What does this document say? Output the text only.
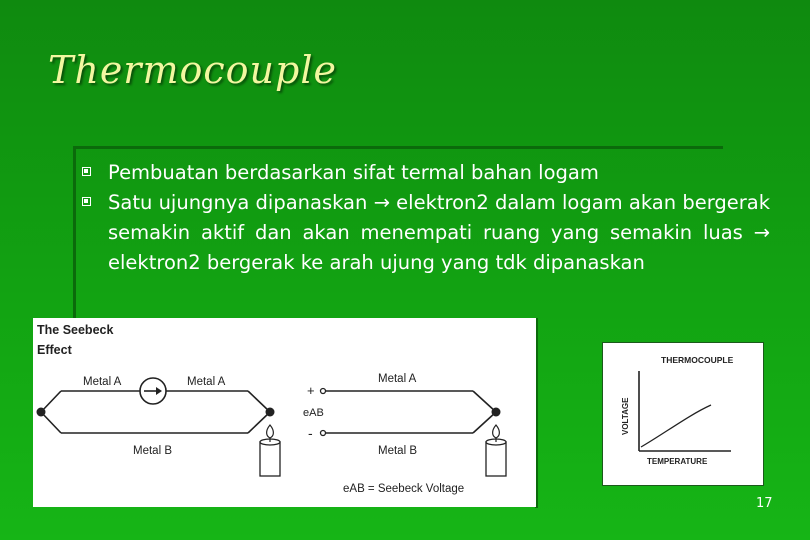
Thermocouple
Pembuatan berdasarkan sifat termal bahan logam
Satu ujungnya dipanaskan → elektron2 dalam logam akan bergerak semakin aktif dan akan menempati ruang yang semakin luas → elektron2 bergerak ke arah ujung yang tdk dipanaskan
The Seebeck
Effect
Metal A	Metal A
Metal B
+
-
eAB
Metal A
Metal B
eAB = Seebeck Voltage
THERMOCOUPLE
VOLTAGE
TEMPERATURE
17
